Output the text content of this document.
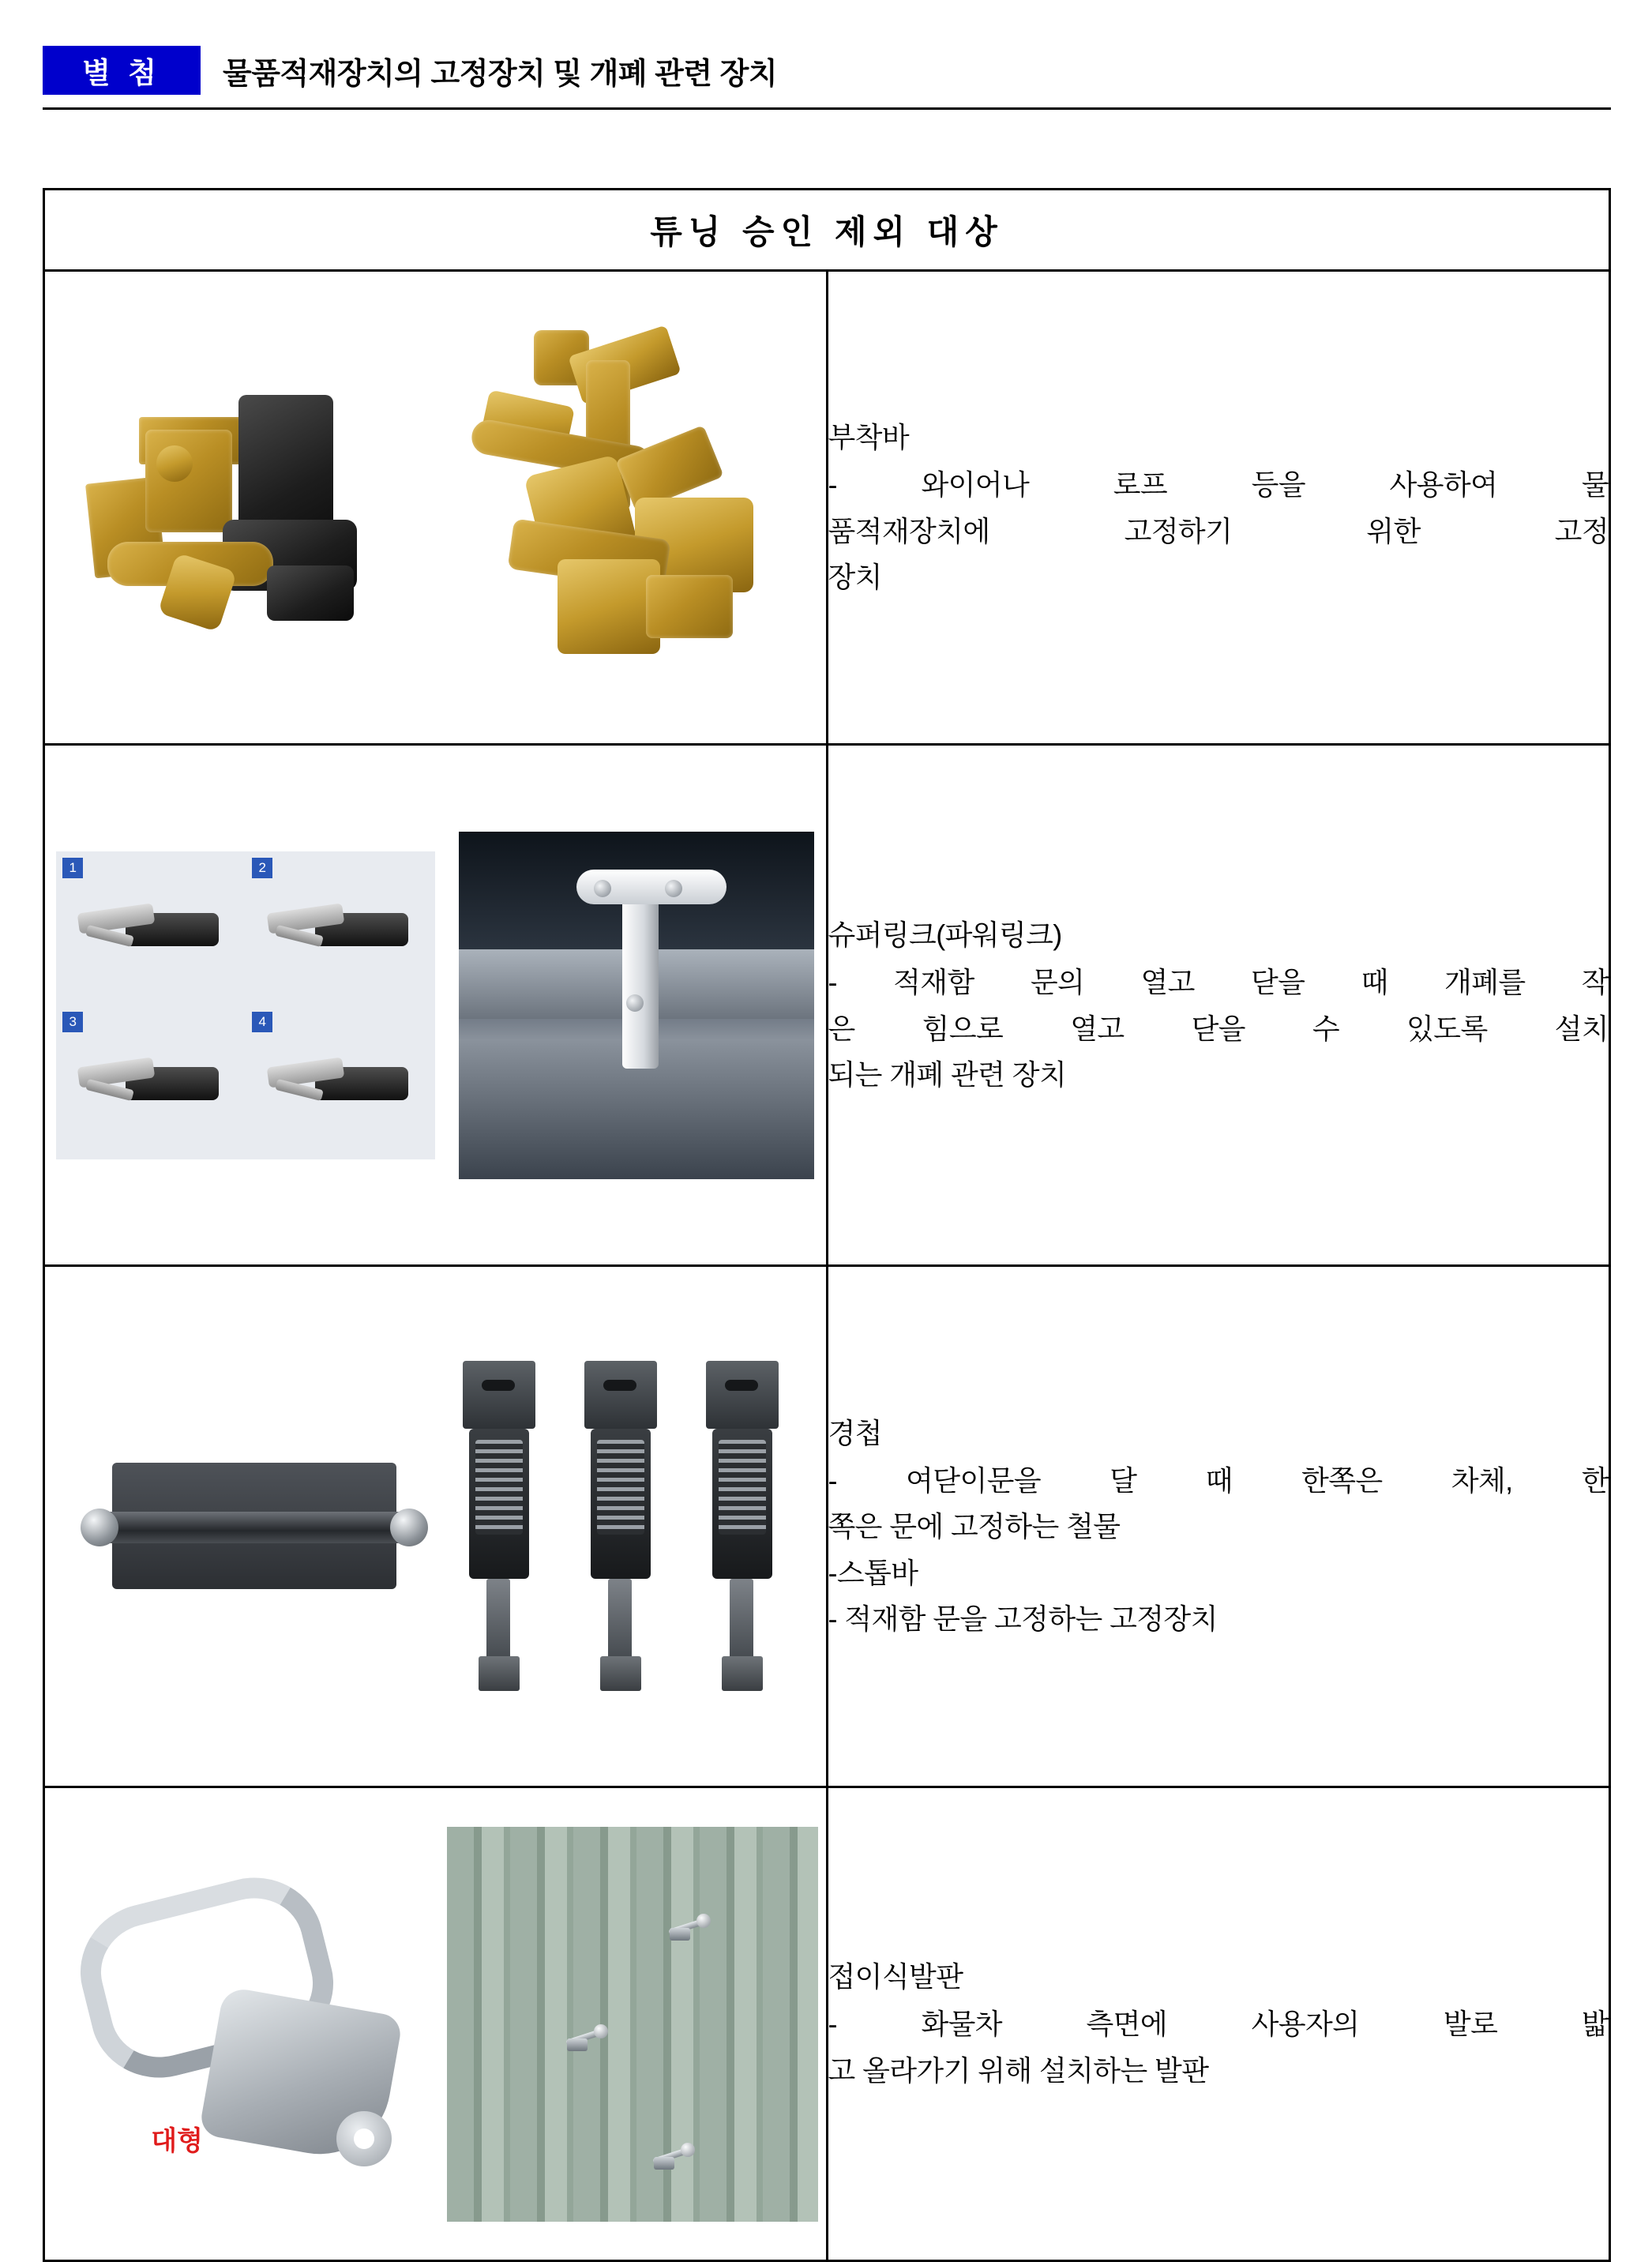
별 첨	물품적재장치의 고정장치 및 개폐 관련 장치
튜닝 승인 제외 대상	

	부착바
- 와이어나 로프 등을 사용하여 물
품적재장치에 고정하기 위한 고정
장치

1 2
3 4	슈퍼링크(파워링크)
- 적재함 문의 열고 닫을 때 개폐를 작
은 힘으로 열고 닫을 수 있도록 설치
되는 개폐 관련 장치

	경첩
- 여닫이문을 달 때 한쪽은 차체, 한
쪽은 문에 고정하는 철물
-스톱바
- 적재함 문을 고정하는 고정장치

대형	접이식발판
- 화물차 측면에 사용자의 발로 밟
고 올라가기 위해 설치하는 발판
